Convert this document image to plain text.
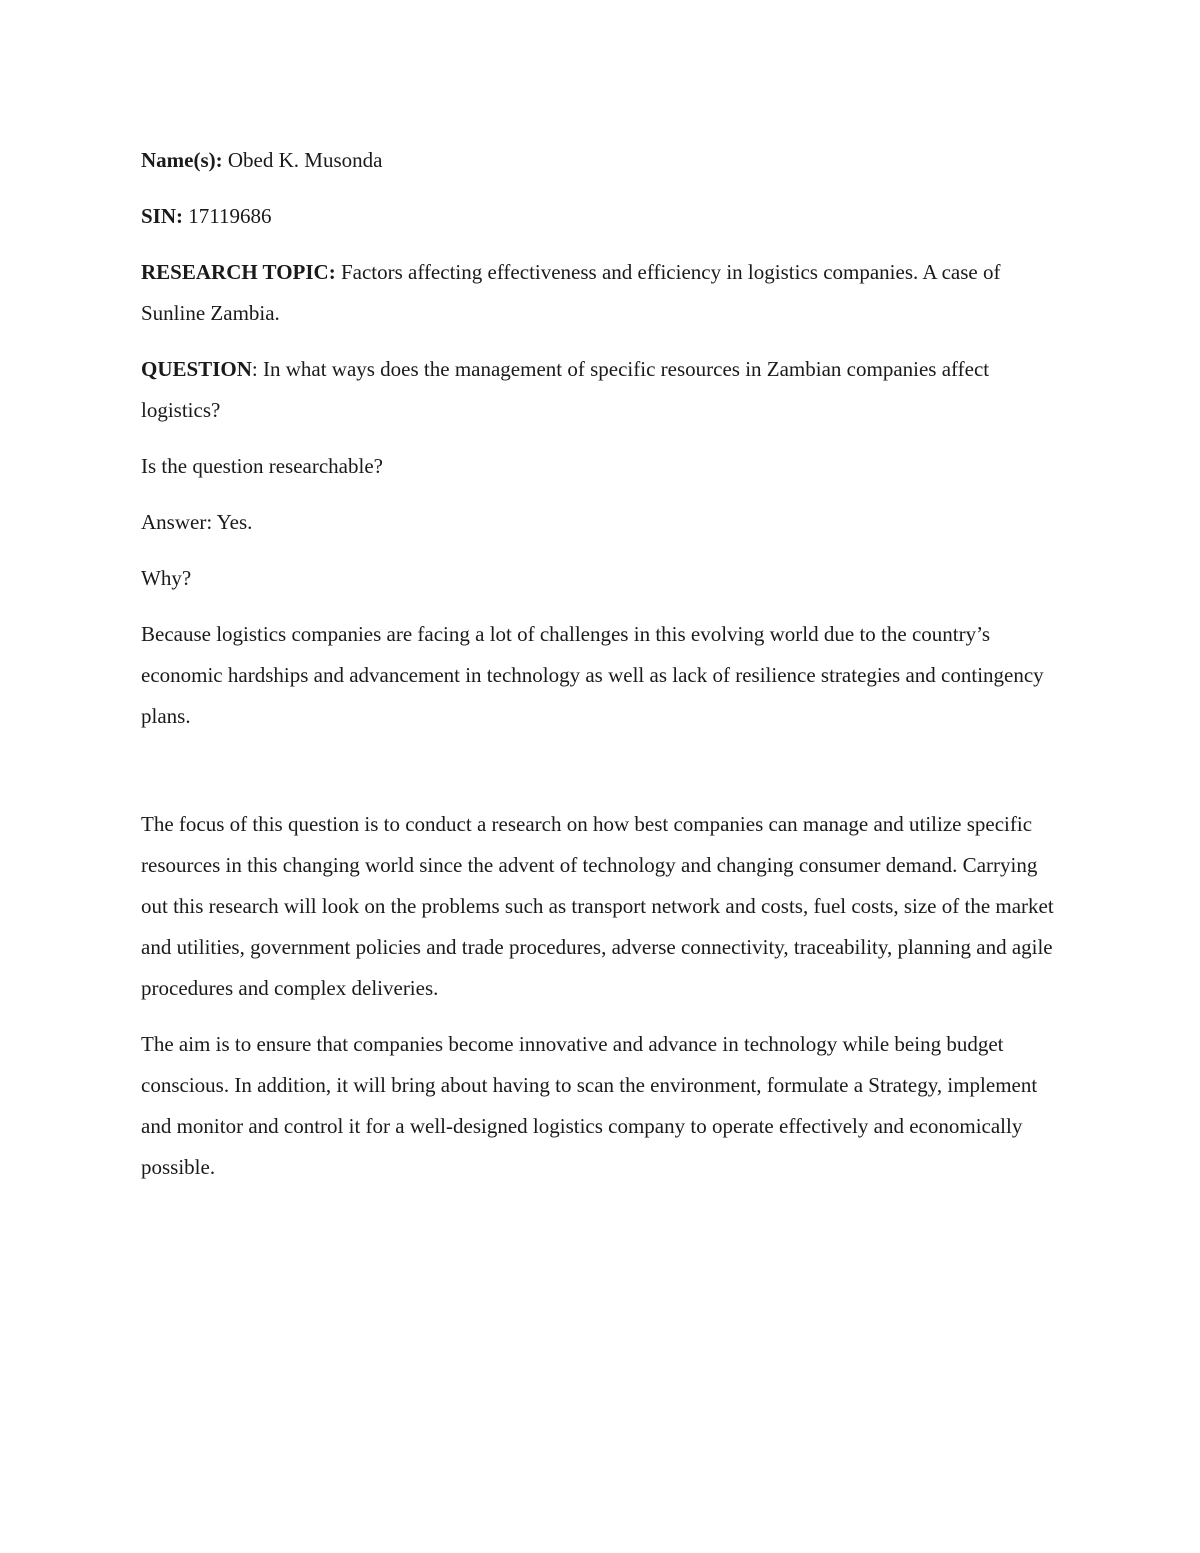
Name(s): Obed K. Musonda

SIN: 17119686

RESEARCH TOPIC: Factors affecting effectiveness and efficiency in logistics companies. A case of Sunline Zambia.

QUESTION: In what ways does the management of specific resources in Zambian companies affect logistics?

Is the question researchable?

Answer: Yes.

Why?

Because logistics companies are facing a lot of challenges in this evolving world due to the country’s economic hardships and advancement in technology as well as lack of resilience strategies and contingency plans.

The focus of this question is to conduct a research on how best companies can manage and utilize specific resources in this changing world since the advent of technology and changing consumer demand. Carrying out this research will look on the problems such as transport network and costs, fuel costs, size of the market and utilities, government policies and trade procedures, adverse connectivity, traceability, planning and agile procedures and complex deliveries.

The aim is to ensure that companies become innovative and advance in technology while being budget conscious. In addition, it will bring about having to scan the environment, formulate a Strategy, implement and monitor and control it for a well-designed logistics company to operate effectively and economically possible.
